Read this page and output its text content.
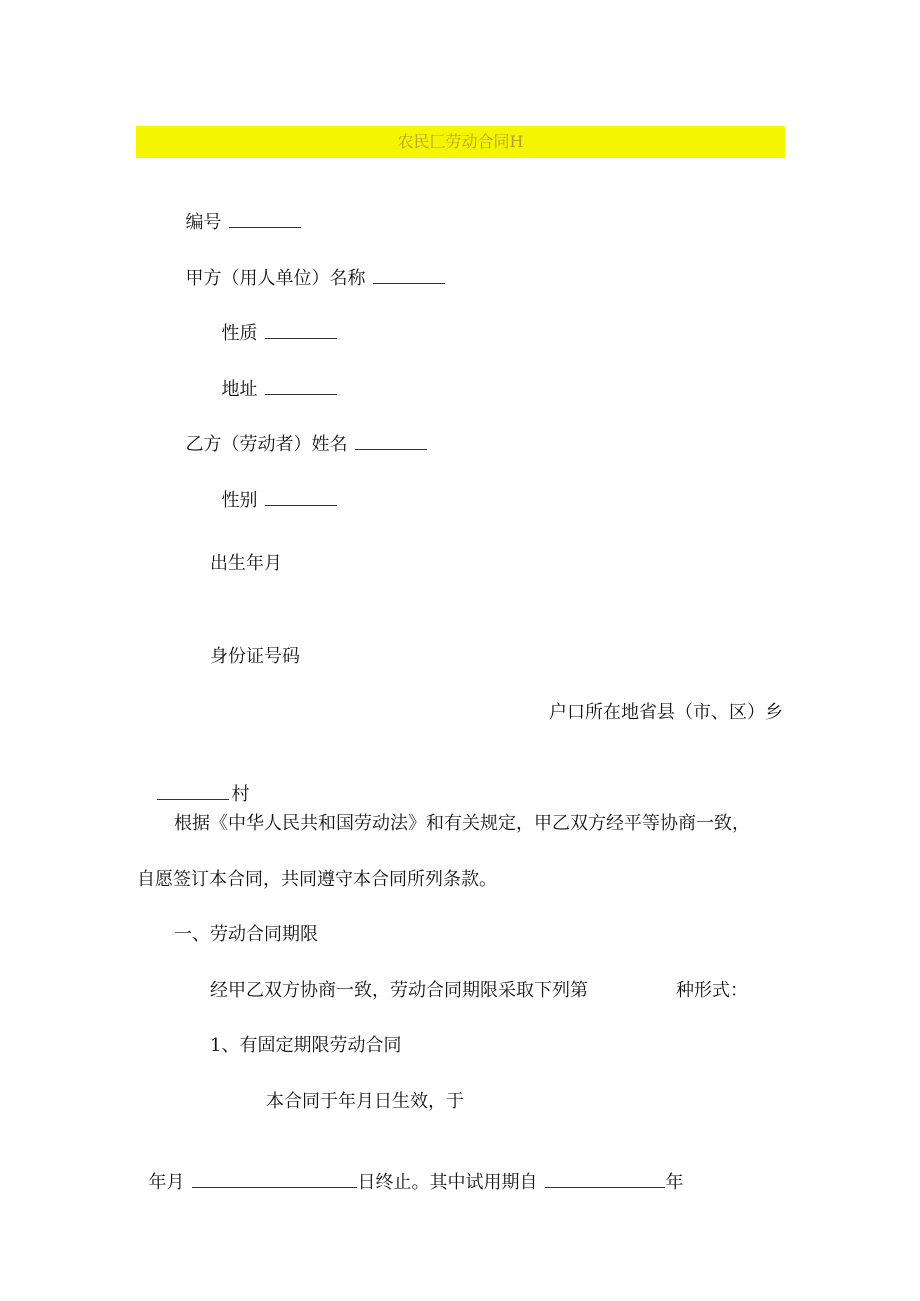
农民匚劳动合同H

编号

甲方（用人单位）名称

性质

地址

乙方（劳动者）姓名

性别

出生年月
身份证号码
户口所在地省县（市、区）乡

村

根据《中华人民共和国劳动法》和有关规定，甲乙双方经平等协商一致，
自愿签订本合同，共同遵守本合同所列条款。
一、劳动合同期限
经甲乙双方协商一致，劳动合同期限采取下列第	种形式：
1、有固定期限劳动合同
本合同于年月日生效，于

年月	日终止。其中试用期自	年
